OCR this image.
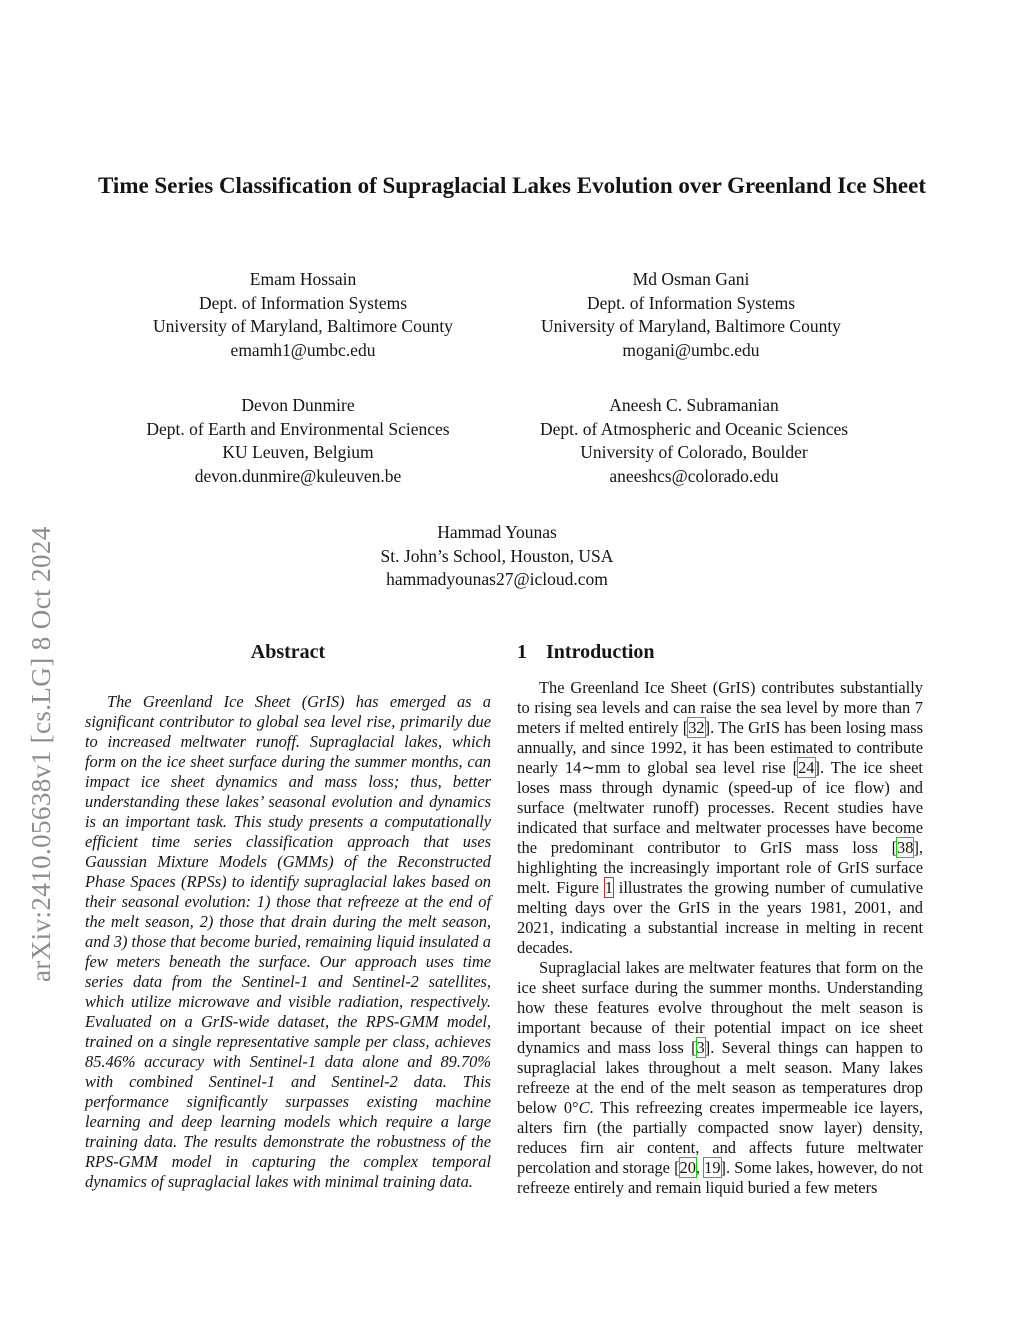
arXiv:2410.05638v1 [cs.LG] 8 Oct 2024
Time Series Classification of Supraglacial Lakes Evolution over Greenland Ice Sheet
Emam Hossain
Dept. of Information Systems
University of Maryland, Baltimore County
emamh1@umbc.edu
Md Osman Gani
Dept. of Information Systems
University of Maryland, Baltimore County
mogani@umbc.edu
Devon Dunmire
Dept. of Earth and Environmental Sciences
KU Leuven, Belgium
devon.dunmire@kuleuven.be
Aneesh C. Subramanian
Dept. of Atmospheric and Oceanic Sciences
University of Colorado, Boulder
aneeshcs@colorado.edu
Hammad Younas
St. John’s School, Houston, USA
hammadyounas27@icloud.com
Abstract

The Greenland Ice Sheet (GrIS) has emerged as a significant contributor to global sea level rise, primarily due to increased meltwater runoff. Supraglacial lakes, which form on the ice sheet surface during the summer months, can impact ice sheet dynamics and mass loss; thus, better understanding these lakes’ seasonal evolution and dynamics is an important task. This study presents a computationally efficient time series classification approach that uses Gaussian Mixture Models (GMMs) of the Reconstructed Phase Spaces (RPSs) to identify supraglacial lakes based on their seasonal evolution: 1) those that refreeze at the end of the melt season, 2) those that drain during the melt season, and 3) those that become buried, remaining liquid insulated a few meters beneath the surface. Our approach uses time series data from the Sentinel-1 and Sentinel-2 satellites, which utilize microwave and visible radiation, respectively. Evaluated on a GrIS-wide dataset, the RPS-GMM model, trained on a single representative sample per class, achieves 85.46% accuracy with Sentinel-1 data alone and 89.70% with combined Sentinel-1 and Sentinel-2 data. This performance significantly surpasses existing machine learning and deep learning models which require a large training data. The results demonstrate the robustness of the RPS-GMM model in capturing the complex temporal dynamics of supraglacial lakes with minimal training data.

1 Introduction

The Greenland Ice Sheet (GrIS) contributes substantially to rising sea levels and can raise the sea level by more than 7 meters if melted entirely [32]. The GrIS has been losing mass annually, and since 1992, it has been estimated to contribute nearly 14∼mm to global sea level rise [24]. The ice sheet loses mass through dynamic (speed-up of ice flow) and surface (meltwater runoff) processes. Recent studies have indicated that surface and meltwater processes have become the predominant contributor to GrIS mass loss [38], highlighting the increasingly important role of GrIS surface melt. Figure 1 illustrates the growing number of cumulative melting days over the GrIS in the years 1981, 2001, and 2021, indicating a substantial increase in melting in recent decades.

Supraglacial lakes are meltwater features that form on the ice sheet surface during the summer months. Understanding how these features evolve throughout the melt season is important because of their potential impact on ice sheet dynamics and mass loss [3]. Several things can happen to supraglacial lakes throughout a melt season. Many lakes refreeze at the end of the melt season as temperatures drop below 0°C. This refreezing creates impermeable ice layers, alters firn (the partially compacted snow layer) density, reduces firn air content, and affects future meltwater percolation and storage [20, 19]. Some lakes, however, do not refreeze entirely and remain liquid buried a few meters
